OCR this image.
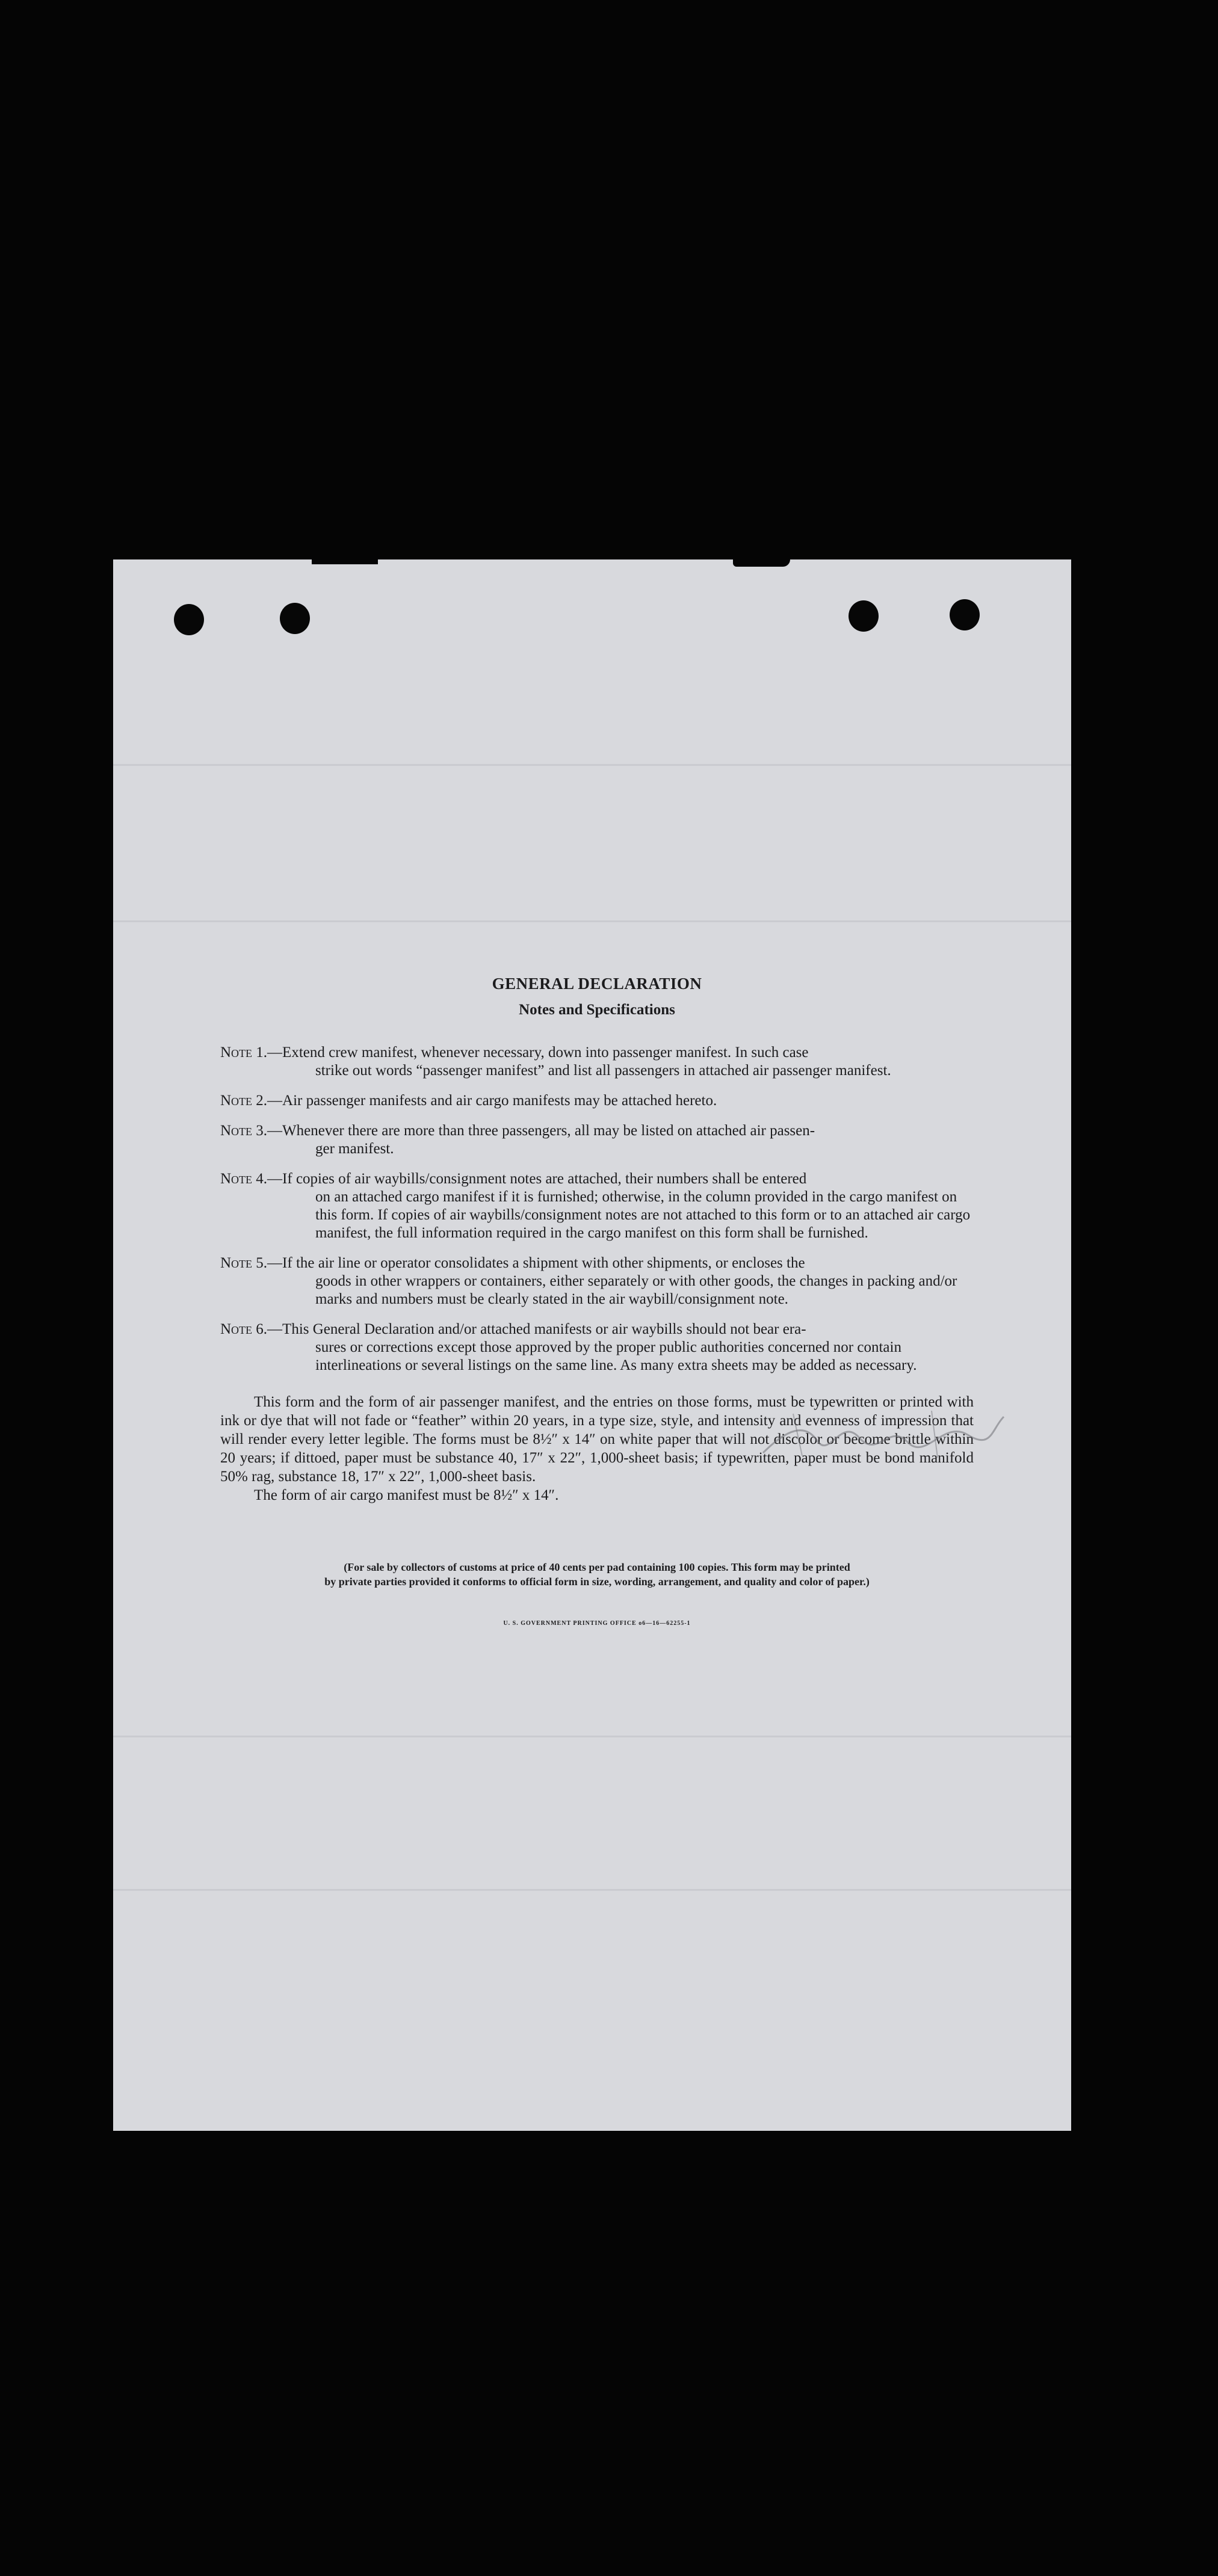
GENERAL DECLARATION
Notes and Specifications
Note 1.—Extend crew manifest, whenever necessary, down into passenger manifest. In such case
strike out words “passenger manifest” and list all passengers in attached air passenger manifest.
Note 2.—Air passenger manifests and air cargo manifests may be attached hereto.
Note 3.—Whenever there are more than three passengers, all may be listed on attached air passen-
ger manifest.
Note 4.—If copies of air waybills/consignment notes are attached, their numbers shall be entered
on an attached cargo manifest if it is furnished; otherwise, in the column provided in the cargo manifest on this form. If copies of air waybills/consignment notes are not attached to this form or to an attached air cargo manifest, the full information required in the cargo manifest on this form shall be furnished.
Note 5.—If the air line or operator consolidates a shipment with other shipments, or encloses the
goods in other wrappers or containers, either separately or with other goods, the changes in packing and/or marks and numbers must be clearly stated in the air waybill/consignment note.
Note 6.—This General Declaration and/or attached manifests or air waybills should not bear era-
sures or corrections except those approved by the proper public authorities concerned nor contain interlineations or several listings on the same line. As many extra sheets may be added as necessary.

This form and the form of air passenger manifest, and the entries on those forms, must be typewritten or printed with ink or dye that will not fade or “feather” within 20 years, in a type size, style, and intensity and evenness of impression that will render every letter legible. The forms must be 8½″ x 14″ on white paper that will not discolor or become brittle within 20 years; if dittoed, paper must be substance 40, 17″ x 22″, 1,000-sheet basis; if typewritten, paper must be bond manifold 50% rag, substance 18, 17″ x 22″, 1,000-sheet basis.

The form of air cargo manifest must be 8½″ x 14″.

(For sale by collectors of customs at price of 40 cents per pad containing 100 copies. This form may be printed
by private parties provided it conforms to official form in size, wording, arrangement, and quality and color of paper.)
U. S. GOVERNMENT PRINTING OFFICE o6—16—62255-1
